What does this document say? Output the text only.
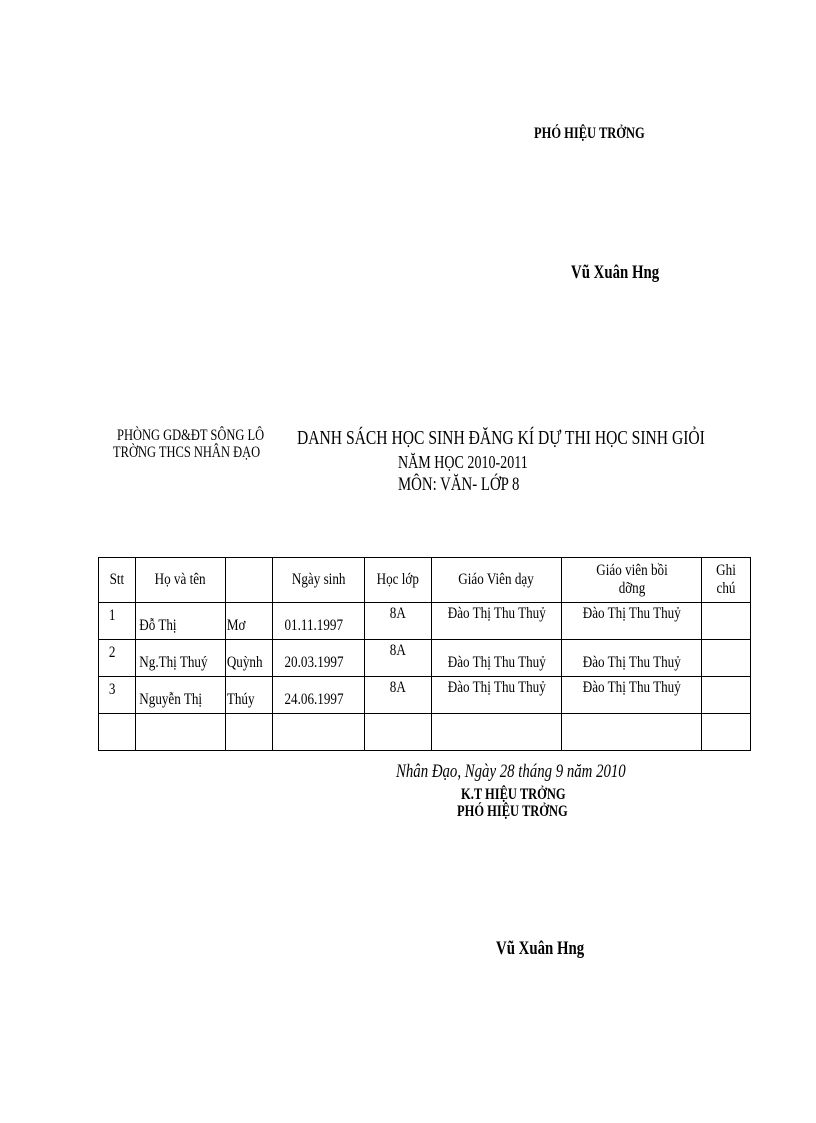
PHÓ HIỆU TRỞNG
Vũ Xuân Hng
PHÒNG GD&ĐT SÔNG LÔ
TRỜNG THCS NHÂN ĐẠO
DANH SÁCH HỌC SINH ĐĂNG KÍ DỰ THI HỌC SINH GIỎI
NĂM HỌC 2010-2011
MÔN: VĂN- LỚP 8
Stt	Họ và tên		Ngày sinh	Học lớp	Giáo Viên dạy	Giáo viên bồi dỡng	Ghi chú
1	Đỗ Thị	Mơ	01.11.1997	8A	Đào Thị Thu Thuỷ	Đào Thị Thu Thuỷ	
2	Ng.Thị Thuý	Quỳnh	20.03.1997	8A	Đào Thị Thu Thuỷ	Đào Thị Thu Thuỷ	
3	Nguyễn Thị	Thúy	24.06.1997	8A	Đào Thị Thu Thuỷ	Đào Thị Thu Thuỷ	

Nhân Đạo, Ngày 28 tháng 9 năm 2010
K.T HIỆU TRỞNG
PHÓ HIỆU TRỞNG
Vũ Xuân Hng
